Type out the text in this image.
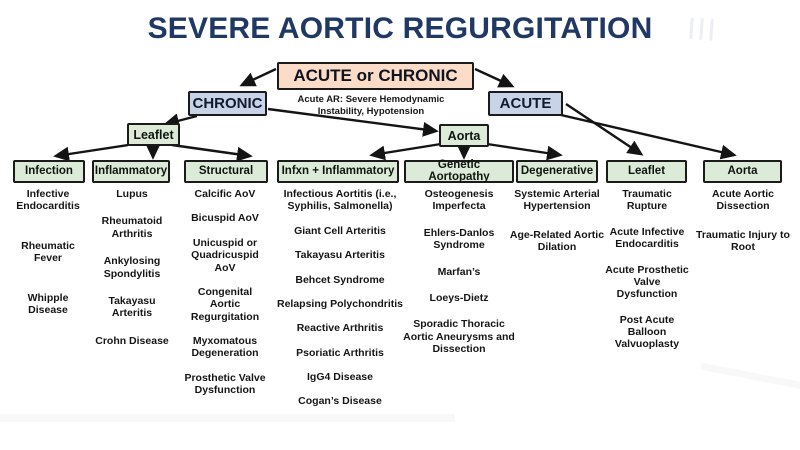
SEVERE AORTIC REGURGITATION
ACUTE or CHRONIC
Acute AR: Severe Hemodynamic
Instability, Hypotension
CHRONIC	ACUTE
Leaflet	Aorta
Infection	Inflammatory	Structural	Infxn + Inflammatory	Genetic Aortopathy	Degenerative	Leaflet	Aorta
Infective Endocarditis
Rheumatic Fever
Whipple Disease
Lupus
Rheumatoid Arthritis
Ankylosing Spondylitis
Takayasu Arteritis
Crohn Disease
Calcific AoV
Bicuspid AoV
Unicuspid or Quadricuspid AoV
Congenital Aortic Regurgitation
Myxomatous Degeneration
Prosthetic Valve Dysfunction
Infectious Aortitis (i.e., Syphilis, Salmonella)
Giant Cell Arteritis
Takayasu Arteritis
Behcet Syndrome
Relapsing Polychondritis
Reactive Arthritis
Psoriatic Arthritis
IgG4 Disease
Cogan’s Disease
Osteogenesis Imperfecta
Ehlers-Danlos Syndrome
Marfan’s
Loeys-Dietz
Sporadic Thoracic Aortic Aneurysms and Dissection
Systemic Arterial Hypertension
Age-Related Aortic Dilation
Traumatic Rupture
Acute Infective Endocarditis
Acute Prosthetic Valve Dysfunction
Post Acute Balloon Valvuoplasty
Acute Aortic Dissection
Traumatic Injury to Root
